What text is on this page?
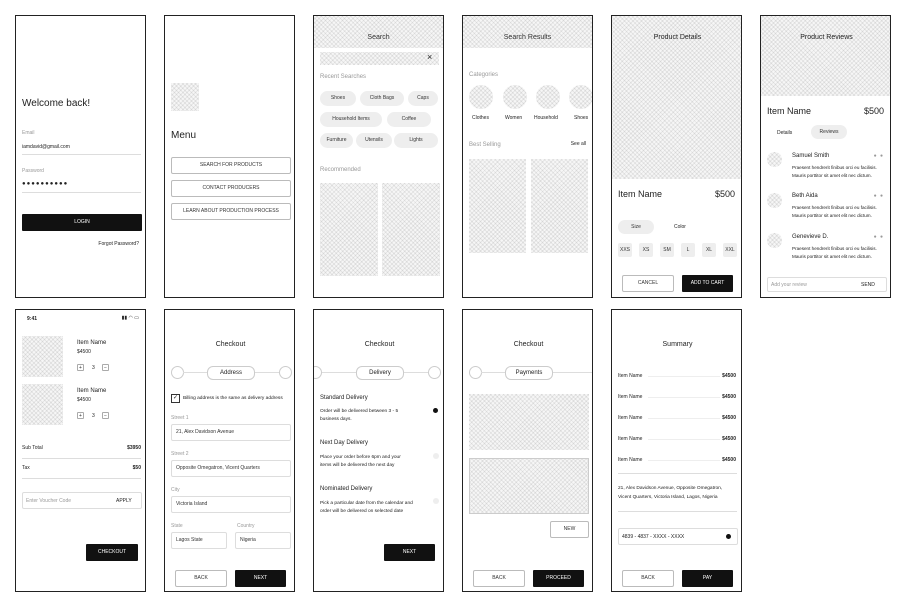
Welcome back!
Email
iamdavid@gmail.com
Password
●●●●●●●●●●
LOGIN
Forgot Password?
Menu
SEARCH FOR PRODUCTS
CONTACT PRODUCERS
LEARN ABOUT PRODUCTION PROCESS
Search
×
Recent Searches
Shoes	Cloth Bags	Caps
Household Items	Coffee
Furniture	Utensils	Lights
Recommended
Search Results
Categories
Clothes	Women Household	Shoes
Best Selling	See all
Product Details
Item Name	$500
Size	Color
XXS	XS	SM	L	XL	XXL
CANCEL	ADD TO CART
Product Reviews
Item Name	$500
Details	Reviews
Samuel Smith	● ●
Praesent hendrerit finibus orci eu facilisis.
Mauris porttitor sit amet elit nec dictum.
Beth Aida	● ●
Praesent hendrerit finibus orci eu facilisis.
Mauris porttitor sit amet elit nec dictum.
Genevieve D.	● ●
Praesent hendrerit finibus orci eu facilisis.
Mauris porttitor sit amet elit nec dictum.
Add your review	SEND
9:41	▮▮ ◠ ▭
Item Name
$4500
+	3	−
Item Name
$4500
+	3	−
Sub Total	$3950
Tax	$50
Enter Voucher Code	APPLY
CHECKOUT
Checkout
Address
✓	Billing address is the same as delivery address
Street 1
21, Alex Davidson Avenue
Street 2
Opposite Omegatron, Vicent Quarters
City
Victoria Island
State
Lagos State
Country
Nigeria
BACK	NEXT
Checkout
Delivery
Standard Delivery
Order will be delivered between 3 - 5
business days.
Next Day Delivery
Place your order before 6pm and your
items will be delivered the next day
Nominated Delivery
Pick a particular date from the calendar and
order will be delivered on selected date
NEXT
Checkout
Payments
NEW
BACK	PROCEED
Summary
Item Name	$4500
Item Name	$4500
Item Name	$4500
Item Name	$4500
Item Name	$4500
21, Alex Davidson Avenue, Opposite Omegatron,
Vicent Quarters, Victoria Island, Lagos, Nigeria
4839 - 4837 - XXXX - XXXX
BACK	PAY
